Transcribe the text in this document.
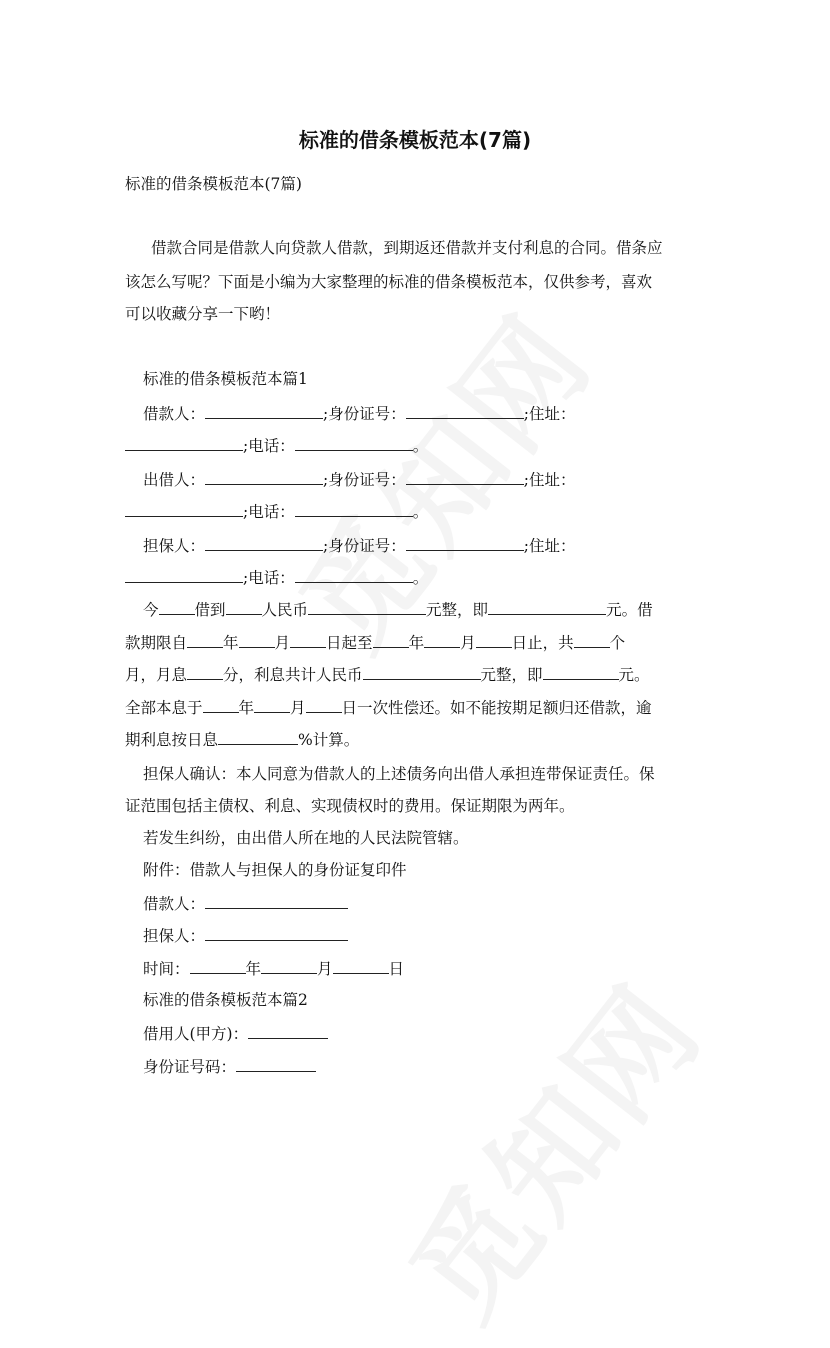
标准的借条模板范本(7篇)
标准的借条模板范本(7篇)
借款合同是借款人向贷款人借款，到期返还借款并支付利息的合同。借条应
该怎么写呢？下面是小编为大家整理的标准的借条模板范本，仅供参考，喜欢
可以收藏分享一下哟！
标准的借条模板范本篇1
借款人：	;身份证号：	;住址：
;电话：	。
出借人：	;身份证号：	;住址：
;电话：	。
担保人：	;身份证号：	;住址：
;电话：	。
今 借到 人民币	元整，即	元。借
款期限自 年 月 日起至 年 月 日止，共 个
月，月息 分，利息共计人民币	元整，即	元。
全部本息于 年 月 日一次性偿还。如不能按期足额归还借款，逾
期利息按日息	%计算。
担保人确认：本人同意为借款人的上述债务向出借人承担连带保证责任。保
证范围包括主债权、利息、实现债权时的费用。保证期限为两年。
若发生纠纷，由出借人所在地的人民法院管辖。
附件：借款人与担保人的身份证复印件
借款人：
担保人：
时间：	年	月	日
标准的借条模板范本篇2
借用人(甲方)：
身份证号码：
